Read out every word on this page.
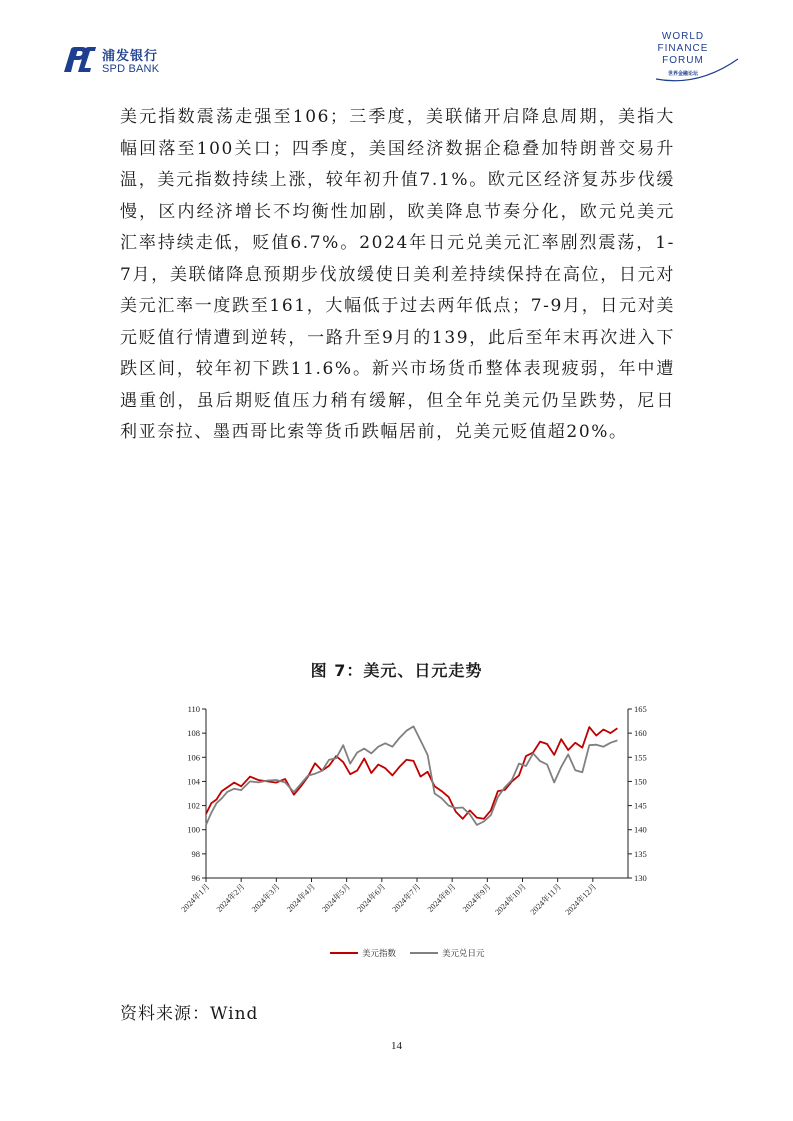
浦发银行
SPD BANK
WORLD
FINANCE
FORUM
世界金融论坛

美元指数震荡走强至106；三季度，美联储开启降息周期，美指大幅回落至100关口；四季度，美国经济数据企稳叠加特朗普交易升温，美元指数持续上涨，较年初升值7.1%。欧元区经济复苏步伐缓慢，区内经济增长不均衡性加剧，欧美降息节奏分化，欧元兑美元汇率持续走低，贬值6.7%。2024年日元兑美元汇率剧烈震荡，1-7月，美联储降息预期步伐放缓使日美利差持续保持在高位，日元对美元汇率一度跌至161，大幅低于过去两年低点；7-9月，日元对美元贬值行情遭到逆转，一路升至9月的139，此后至年末再次进入下跌区间，较年初下跌11.6%。新兴市场货币整体表现疲弱，年中遭遇重创，虽后期贬值压力稍有缓解，但全年兑美元仍呈跌势，尼日利亚奈拉、墨西哥比索等货币跌幅居前，兑美元贬值超20%。

图 7：美元、日元走势
96
98
100
102
104
106
108
110
130
135
140
145
150
155
160
165
2024年1月 2024年2月 2024年3月 2024年4月 2024年5月 2024年6月 2024年7月 2024年8月 2024年9月 2024年10月 2024年11月 2024年12月
美元指数	美元兑日元
资料来源：Wind
14
